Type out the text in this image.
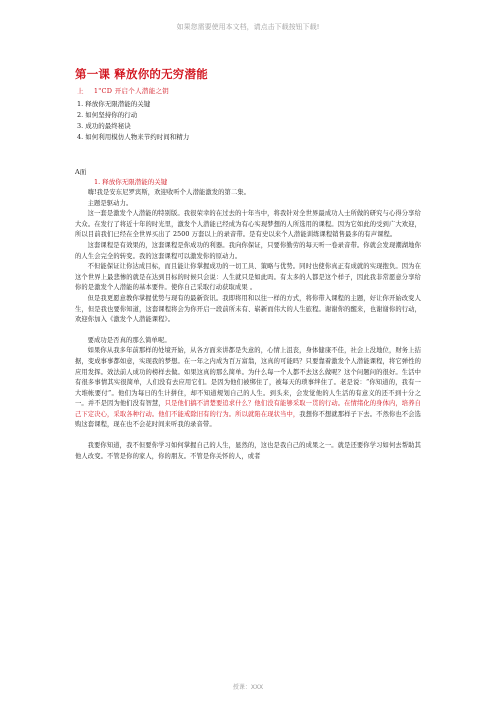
如果您需要使用本文档，请点击下载按钮下载!
第一课 释放你的无穷潜能
上 1"CD 开启个人潜能之钥
1. 释放你无限潜能的关键
2. 如何坚持你的行动
3. 成功的最终秘诀
4. 如何利用模仿人物来节约时间和精力
A面
1. 释放你无限潜能的关键

嗨!我是安东尼罗宾斯，欢迎收听个人潜能激发的第二集。

主题是驱动力。

这一套是激发个人潜能的特别版。我很荣幸的在过去的十年当中，将我针对全世界最成功人士所做的研究与心得分享给大众。在发行了将近十年的时光里，激发个人潜能已经成为有心实现梦想的人所选用的课程。因为它如此的受到广大欢迎，所以目前我们已经在全世界买出了 2500 万套以上的录音带。是有史以来个人潜能训练课程销售最多的有声课程。

这套课程是有效果的，这套课程是你成功的利器。我向你保证，只要你勤劳的每天听一卷录音带。你就会发现潮湖地你的人生会完全的转变。我的这套课程可以激发你的原动力。

不但能保证让你达成目标，而且能让你掌握成功的一切工具、策略与优势。同时也使你真正有成就的实现抱负。因为在这个世界上最悲惨的就是在达到目标的时候只会说：人生就只是如此吗。有太多的人都是这个样子，因此我非常愿意分享给你的是激发个人潜能的基本要件。使你自己采取行动获取成果 。

但是我更愿意教你掌握优势与现有的最新资讯。我即将用和以往一样的方式，将你带入课程的主题，好让你开始改变人生，但是我也要你知道，这套课程将会为你开启一段前所未有、崭新而伟大的人生旅程。谢谢你的醒来，也谢谢你的行动，欢迎你加入《激发个人潜能课程》。

要成功是否真的那么简单呢。

如果你从我多年前那样的处境开始，从各方面来讲都是失意的，心情上沮丧，身体健康不佳，社会上没地位，财务上拮据，变成事事都如意，实现我的梦想。在一年之内成为百万富翁，这真的可能吗？只要靠着激发个人潜能课程，将它弹性的应用发挥。效法前人成功的榜样去做。如果这真的那么简单。为什么每一个人都不去这么做呢？这个问题问的很好。生活中有很多事情其实很简单，人们没有去应用它们。是因为他们被绑住了，被每天的琐事绊住了。老是说：“你知道的，我有一大堆帐要付”。他们为每日的生计拼住，却不知道规划自己的人生。到头来，会发觉他的人生活的有意义的还不到十分之一。并不是因为他们没有智慧，只是他们搞不清楚要追求什么？他们没有能够采取一贯的行动。在情绪化的身体内，培养自己下定决心，采取各种行动。他们不能戒除旧有的行为。所以就陷在现状当中，我想你不想就那样子下去。不然你也不会选购这套课程，现在也不会花时间来听我的录音带。

我要你知道，我不但要你学习如何掌握自己的人生，显然的，这也是我自己的成果之一。就是还要你学习如何去帮助其他人改变。不管是你的家人，你的朋友。不管是你关怀的人，或者

授课：XXX
